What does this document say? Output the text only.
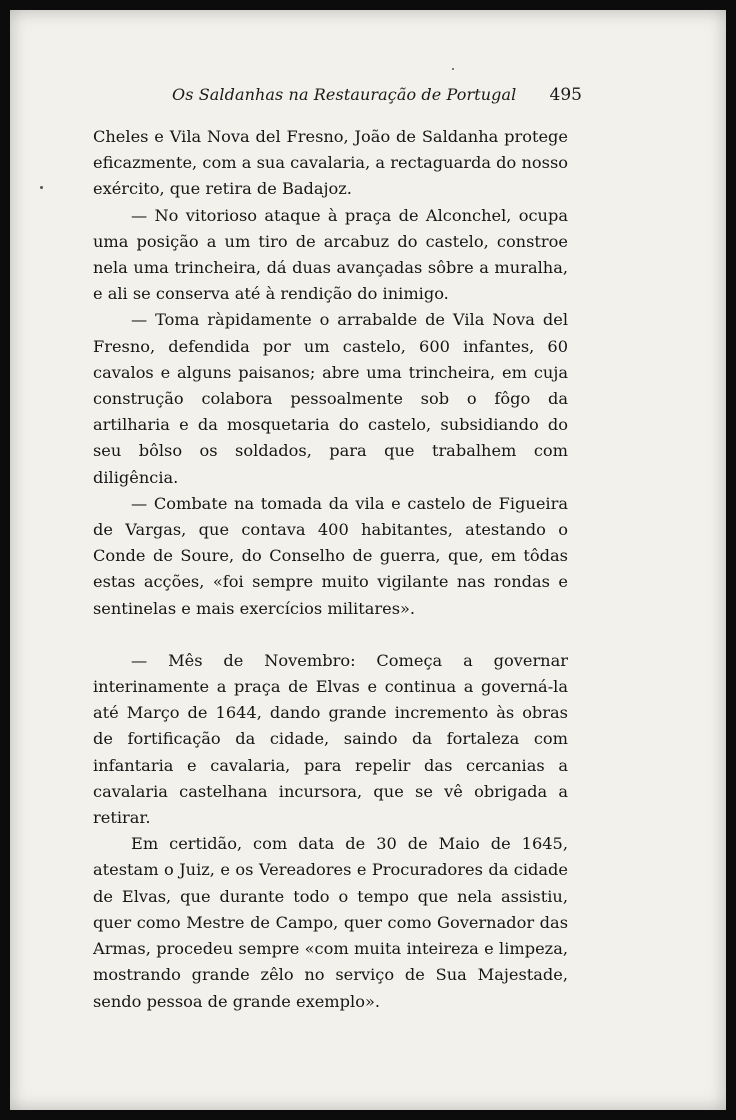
Os Saldanhas na Restauração de Portugal 495

Cheles e Vila Nova del Fresno, João de Saldanha protege eficazmente, com a sua cavalaria, a rectaguarda do nosso exército, que retira de Badajoz.

— No vitorioso ataque à praça de Alconchel, ocupa uma posição a um tiro de arcabuz do castelo, constroe nela uma trincheira, dá duas avançadas sôbre a muralha, e ali se conserva até à rendição do inimigo.

— Toma ràpidamente o arrabalde de Vila Nova del Fresno, defendida por um castelo, 600 infantes, 60 cavalos e alguns paisanos; abre uma trincheira, em cuja construção colabora pessoalmente sob o fôgo da artilharia e da mosquetaria do castelo, subsidiando do seu bôlso os soldados, para que trabalhem com diligência.

— Combate na tomada da vila e castelo de Figueira de Vargas, que contava 400 habitantes, atestando o Conde de Soure, do Conselho de guerra, que, em tôdas estas acções, «foi sempre muito vigilante nas rondas e sentinelas e mais exercícios militares».

— Mês de Novembro: Começa a governar interinamente a praça de Elvas e continua a governá-la até Março de 1644, dando grande incremento às obras de fortificação da cidade, saindo da fortaleza com infantaria e cavalaria, para repelir das cercanias a cavalaria castelhana incursora, que se vê obrigada a retirar.

Em certidão, com data de 30 de Maio de 1645, atestam o Juiz, e os Vereadores e Procuradores da cidade de Elvas, que durante todo o tempo que nela assistiu, quer como Mestre de Campo, quer como Governador das Armas, procedeu sempre «com muita inteireza e limpeza, mostrando grande zêlo no serviço de Sua Majestade, sendo pessoa de grande exemplo».
